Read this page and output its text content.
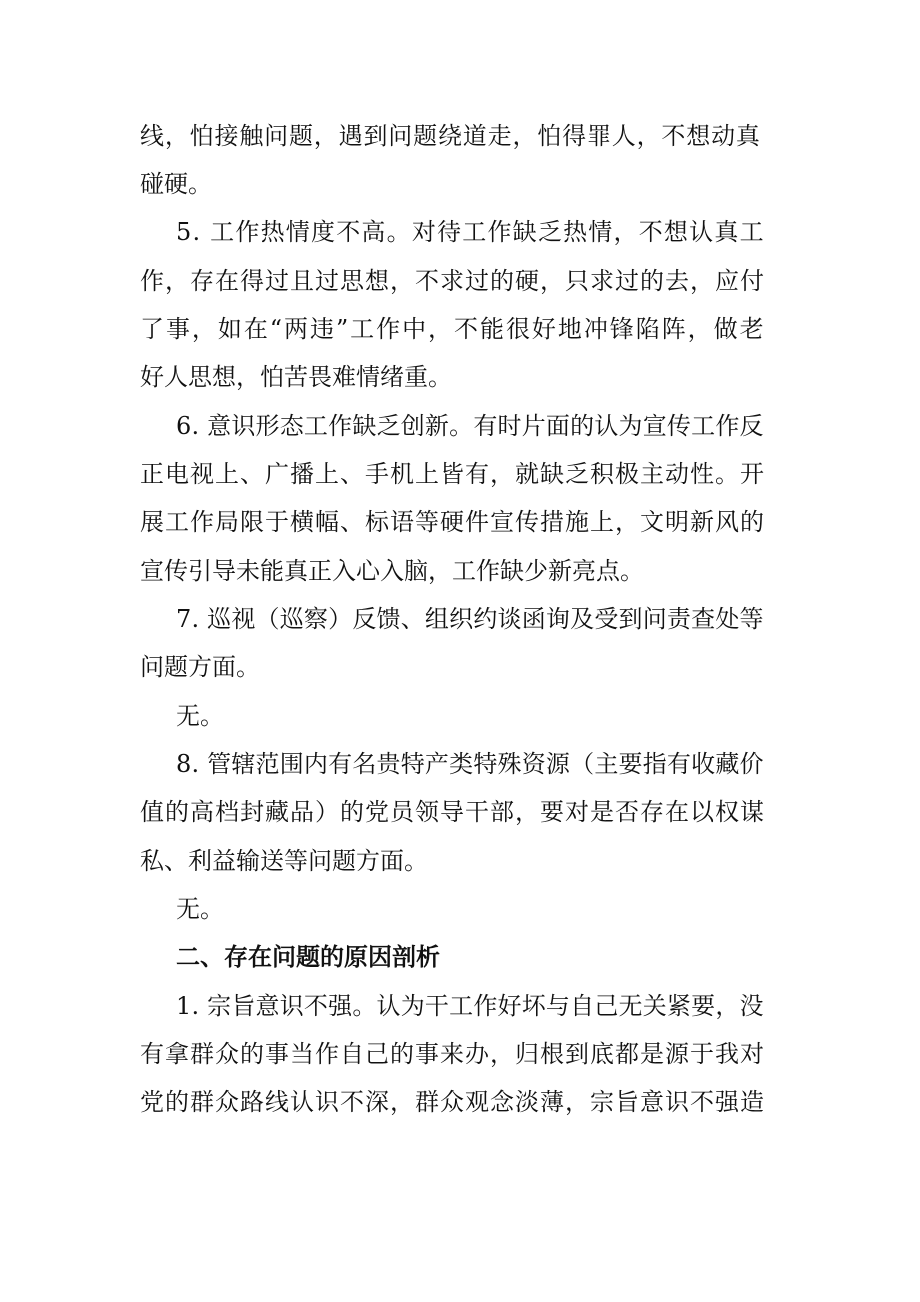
线，怕接触问题，遇到问题绕道走，怕得罪人，不想动真
碰硬。
5. 工作热情度不高。对待工作缺乏热情，不想认真工
作，存在得过且过思想，不求过的硬，只求过的去，应付
了事，如在“两违”工作中，不能很好地冲锋陷阵，做老
好人思想，怕苦畏难情绪重。
6. 意识形态工作缺乏创新。有时片面的认为宣传工作反
正电视上、广播上、手机上皆有，就缺乏积极主动性。开
展工作局限于横幅、标语等硬件宣传措施上，文明新风的
宣传引导未能真正入心入脑，工作缺少新亮点。
7. 巡视（巡察）反馈、组织约谈函询及受到问责查处等
问题方面。
无。
8. 管辖范围内有名贵特产类特殊资源（主要指有收藏价
值的高档封藏品）的党员领导干部，要对是否存在以权谋
私、利益输送等问题方面。
无。
二、存在问题的原因剖析
1. 宗旨意识不强。认为干工作好坏与自己无关紧要，没
有拿群众的事当作自己的事来办，归根到底都是源于我对
党的群众路线认识不深，群众观念淡薄，宗旨意识不强造
